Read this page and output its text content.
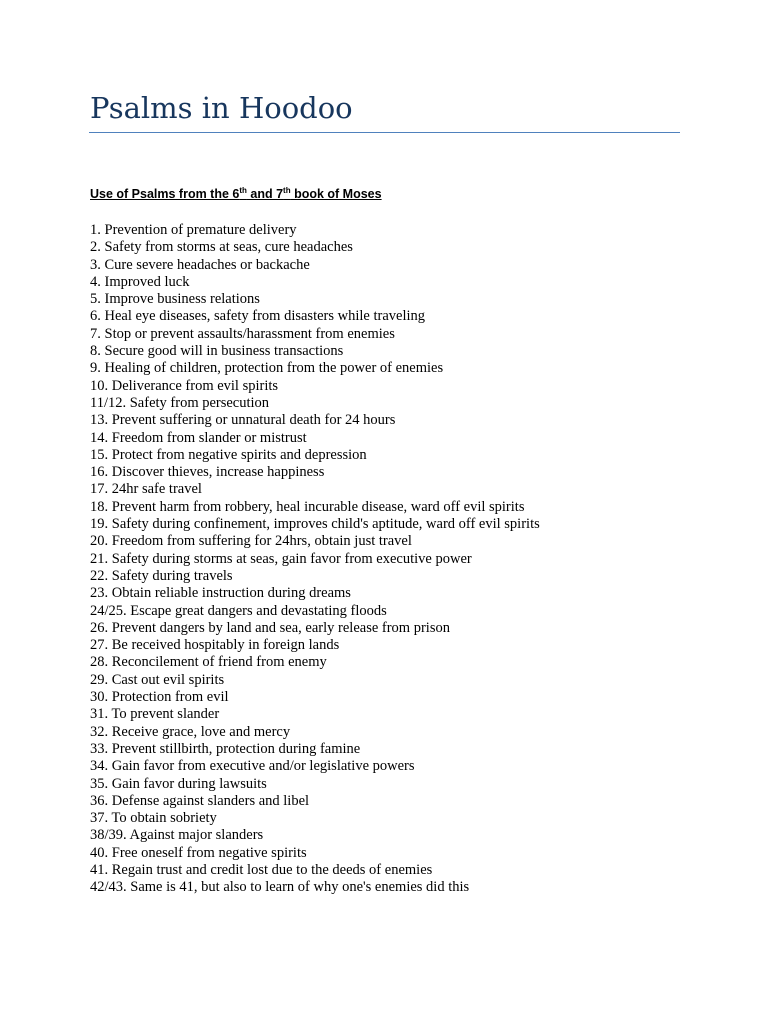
Psalms in Hoodoo

Use of Psalms from the 6th and 7th book of Moses

1. Prevention of premature delivery
2. Safety from storms at seas, cure headaches
3. Cure severe headaches or backache
4. Improved luck
5. Improve business relations
6. Heal eye diseases, safety from disasters while traveling
7. Stop or prevent assaults/harassment from enemies
8. Secure good will in business transactions
9. Healing of children, protection from the power of enemies
10. Deliverance from evil spirits
11/12. Safety from persecution
13. Prevent suffering or unnatural death for 24 hours
14. Freedom from slander or mistrust
15. Protect from negative spirits and depression
16. Discover thieves, increase happiness
17. 24hr safe travel
18. Prevent harm from robbery, heal incurable disease, ward off evil spirits
19. Safety during confinement, improves child's aptitude, ward off evil spirits
20. Freedom from suffering for 24hrs, obtain just travel
21. Safety during storms at seas, gain favor from executive power
22. Safety during travels
23. Obtain reliable instruction during dreams
24/25. Escape great dangers and devastating floods
26. Prevent dangers by land and sea, early release from prison
27. Be received hospitably in foreign lands
28. Reconcilement of friend from enemy
29. Cast out evil spirits
30. Protection from evil
31. To prevent slander
32. Receive grace, love and mercy
33. Prevent stillbirth, protection during famine
34. Gain favor from executive and/or legislative powers
35. Gain favor during lawsuits
36. Defense against slanders and libel
37. To obtain sobriety
38/39. Against major slanders
40. Free oneself from negative spirits
41. Regain trust and credit lost due to the deeds of enemies
42/43. Same is 41, but also to learn of why one's enemies did this
